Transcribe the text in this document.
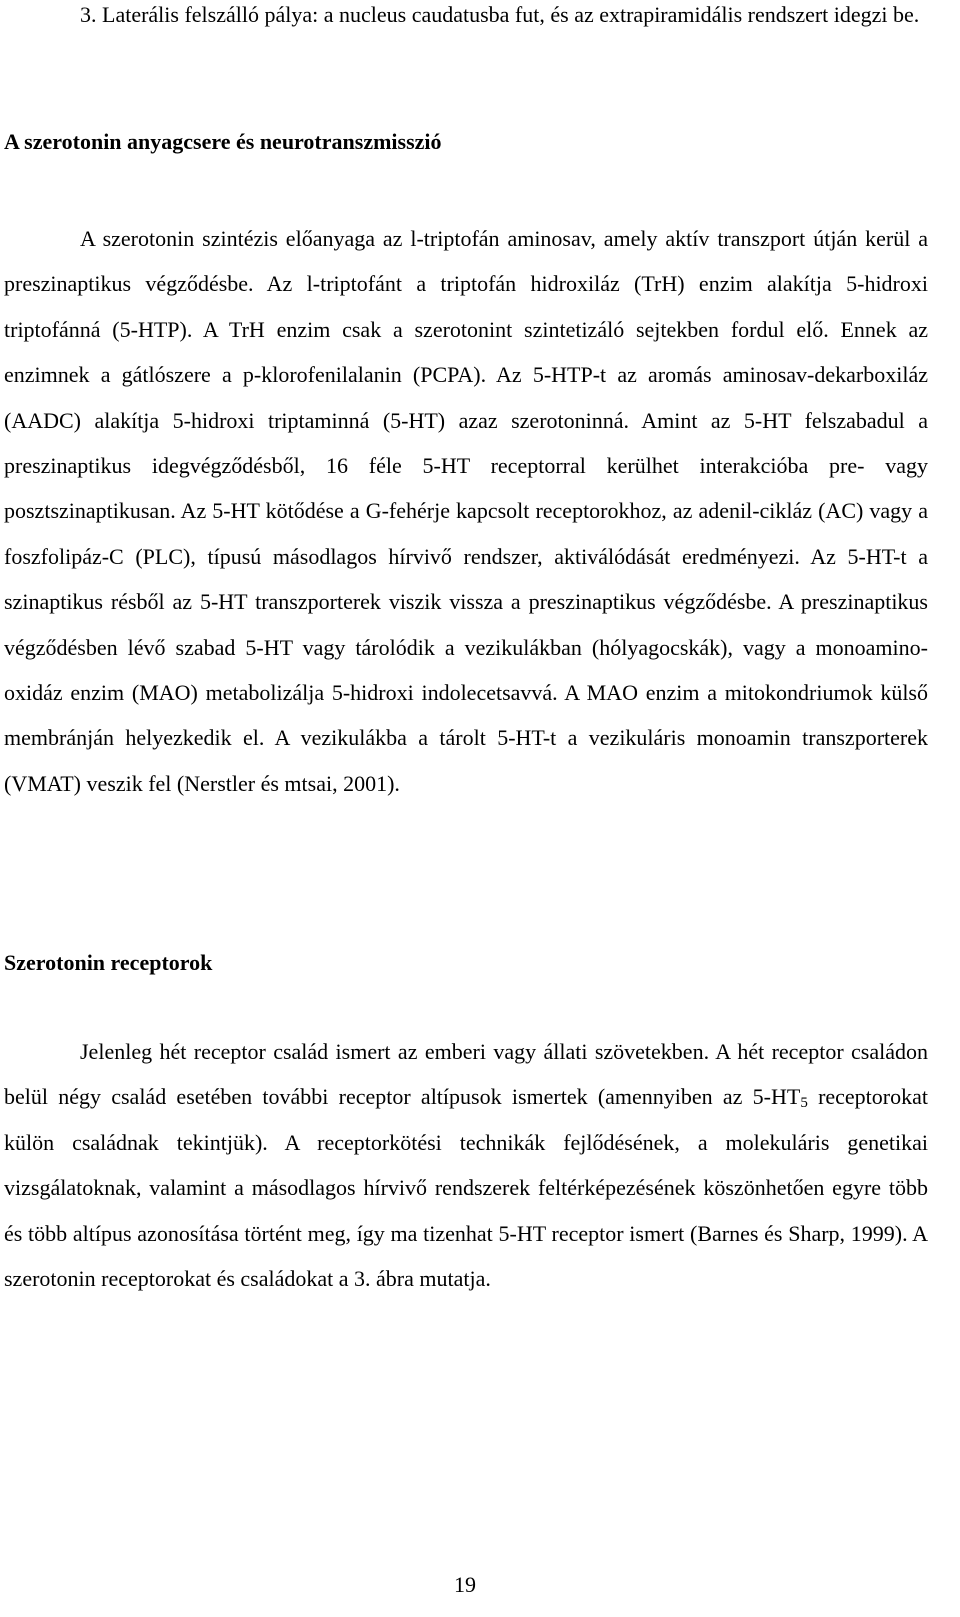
3. Laterális felszálló pálya: a nucleus caudatusba fut, és az extrapiramidális rendszert idegzi be.

A szerotonin anyagcsere és neurotranszmisszió

A szerotonin szintézis előanyaga az l-triptofán aminosav, amely aktív transzport útján kerül a preszinaptikus végződésbe. Az l-triptofánt a triptofán hidroxiláz (TrH) enzim alakítja 5-hidroxi triptofánná (5-HTP). A TrH enzim csak a szerotonint szintetizáló sejtekben fordul elő. Ennek az enzimnek a gátlószere a p-klorofenilalanin (PCPA). Az 5-HTP-t az aromás aminosav-dekarboxiláz (AADC) alakítja 5-hidroxi triptaminná (5-HT) azaz szerotoninná. Amint az 5-HT felszabadul a preszinaptikus idegvégződésből, 16 féle 5-HT receptorral kerülhet interakcióba pre- vagy posztszinaptikusan. Az 5-HT kötődése a G-fehérje kapcsolt receptorokhoz, az adenil-cikláz (AC) vagy a foszfolipáz-C (PLC), típusú másodlagos hírvivő rendszer, aktiválódását eredményezi. Az 5-HT-t a szinaptikus résből az 5-HT transzporterek viszik vissza a preszinaptikus végződésbe. A preszinaptikus végződésben lévő szabad 5-HT vagy tárolódik a vezikulákban (hólyagocskák), vagy a monoamino-oxidáz enzim (MAO) metabolizálja 5-hidroxi indolecetsavvá. A MAO enzim a mitokondriumok külső membránján helyezkedik el. A vezikulákba a tárolt 5-HT-t a vezikuláris monoamin transzporterek (VMAT) veszik fel (Nerstler és mtsai, 2001).

Szerotonin receptorok

Jelenleg hét receptor család ismert az emberi vagy állati szövetekben. A hét receptor családon belül négy család esetében további receptor altípusok ismertek (amennyiben az $5-HT_5$ receptorokat külön családnak tekintjük). A receptorkötési technikák fejlődésének, a molekuláris genetikai vizsgálatoknak, valamint a másodlagos hírvivő rendszerek feltérképezésének köszönhetően egyre több és több altípus azonosítása történt meg, így ma tizenhat 5-HT receptor ismert (Barnes és Sharp, 1999). A szerotonin receptorokat és családokat a 3. ábra mutatja.

19
